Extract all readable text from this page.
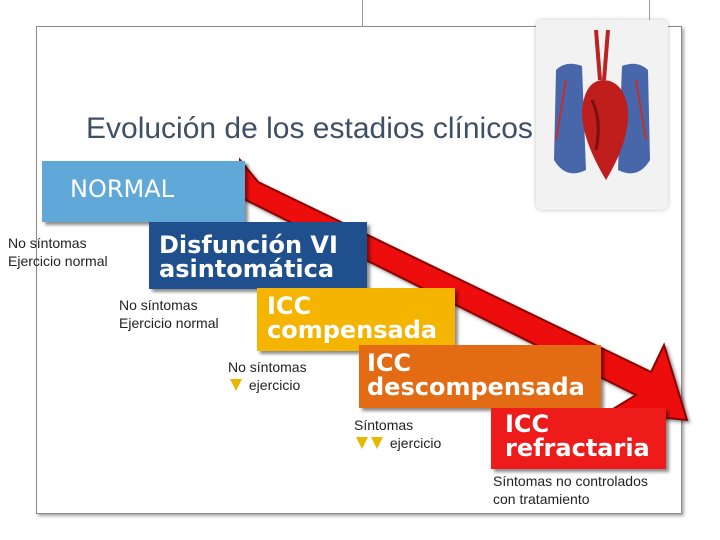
Evolución de los estadios clínicos
NORMAL
Disfunción VI
asintomática
ICC
compensada
ICC
descompensada
ICC
refractaria
No síntomas
Ejercicio normal
No síntomas
Ejercicio normal
No síntomas
ejercicio
Síntomas
ejercicio
Síntomas no controlados
con tratamiento
